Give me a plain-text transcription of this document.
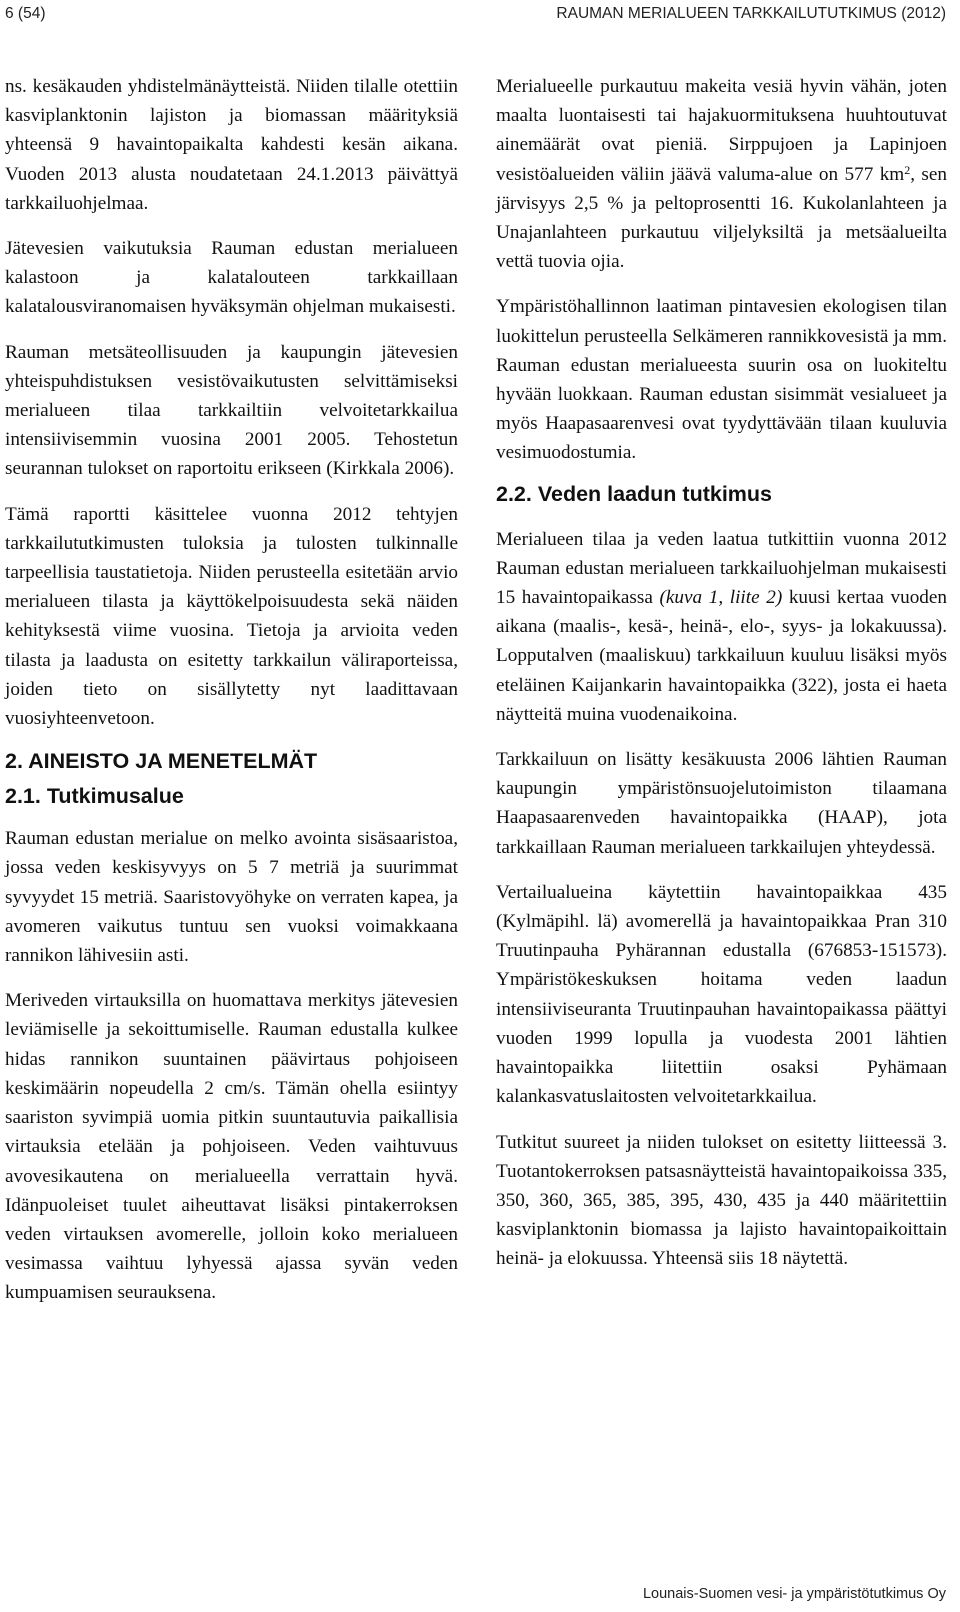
6 (54)	RAUMAN MERIALUEEN TARKKAILUTUTKIMUS (2012)

ns. kesäkauden yhdistelmänäytteistä. Niiden tilalle otettiin kasviplanktonin lajiston ja biomassan määrityksiä yhteensä 9 havaintopaikalta kahdesti kesän aikana. Vuoden 2013 alusta noudatetaan 24.1.2013 päivättyä tarkkailuohjelmaa.

Jätevesien vaikutuksia Rauman edustan merialueen kalastoon ja kalatalouteen tarkkaillaan kalatalousviranomaisen hyväksymän ohjelman mukaisesti.

Rauman metsäteollisuuden ja kaupungin jätevesien yhteispuhdistuksen vesistövaikutusten selvittämiseksi merialueen tilaa tarkkailtiin velvoitetarkkailua intensiivisemmin vuosina 2001 2005. Tehostetun seurannan tulokset on raportoitu erikseen (Kirkkala 2006).

Tämä raportti käsittelee vuonna 2012 tehtyjen tarkkailututkimusten tuloksia ja tulosten tulkinnalle tarpeellisia taustatietoja. Niiden perusteella esitetään arvio merialueen tilasta ja käyttökelpoisuudesta sekä näiden kehityksestä viime vuosina. Tietoja ja arvioita veden tilasta ja laadusta on esitetty tarkkailun väliraporteissa, joiden tieto on sisällytetty nyt laadittavaan vuosiyhteenvetoon.

2. AINEISTO JA MENETELMÄT
2.1. Tutkimusalue

Rauman edustan merialue on melko avointa sisäsaaristoa, jossa veden keskisyvyys on 5 7 metriä ja suurimmat syvyydet 15 metriä. Saaristovyöhyke on verraten kapea, ja avomeren vaikutus tuntuu sen vuoksi voimakkaana rannikon lähivesiin asti.

Meriveden virtauksilla on huomattava merkitys jätevesien leviämiselle ja sekoittumiselle. Rauman edustalla kulkee hidas rannikon suuntainen päävirtaus pohjoiseen keskimäärin nopeudella 2 cm/s. Tämän ohella esiintyy saariston syvimpiä uomia pitkin suuntautuvia paikallisia virtauksia etelään ja pohjoiseen. Veden vaihtuvuus avovesikautena on merialueella verrattain hyvä. Idänpuoleiset tuulet aiheuttavat lisäksi pintakerroksen veden virtauksen avomerelle, jolloin koko merialueen vesimassa vaihtuu lyhyessä ajassa syvän veden kumpuamisen seurauksena.

Merialueelle purkautuu makeita vesiä hyvin vähän, joten maalta luontaisesti tai hajakuormituksena huuhtoutuvat ainemäärät ovat pieniä. Sirppujoen ja Lapinjoen vesistöalueiden väliin jäävä valuma-alue on 577 $km^2$, sen järvisyys 2,5 % ja peltoprosentti 16. Kukolanlahteen ja Unajanlahteen purkautuu viljelyksiltä ja metsäalueilta vettä tuovia ojia.

Ympäristöhallinnon laatiman pintavesien ekologisen tilan luokittelun perusteella Selkämeren rannikkovesistä ja mm. Rauman edustan merialueesta suurin osa on luokiteltu hyvään luokkaan. Rauman edustan sisimmät vesialueet ja myös Haapasaarenvesi ovat tyydyttävään tilaan kuuluvia vesimuodostumia.

2.2. Veden laadun tutkimus

Merialueen tilaa ja veden laatua tutkittiin vuonna 2012 Rauman edustan merialueen tarkkailuohjelman mukaisesti 15 havaintopaikassa (kuva 1, liite 2) kuusi kertaa vuoden aikana (maalis-, kesä-, heinä-, elo-, syys- ja lokakuussa). Lopputalven (maaliskuu) tarkkailuun kuuluu lisäksi myös eteläinen Kaijankarin havaintopaikka (322), josta ei haeta näytteitä muina vuodenaikoina.

Tarkkailuun on lisätty kesäkuusta 2006 lähtien Rauman kaupungin ympäristönsuojelutoimiston tilaamana Haapasaarenveden havaintopaikka (HAAP), jota tarkkaillaan Rauman merialueen tarkkailujen yhteydessä.

Vertailualueina käytettiin havaintopaikkaa 435 (Kylmäpihl. lä) avomerellä ja havaintopaikkaa Pran 310 Truutinpauha Pyhärannan edustalla (676853-151573). Ympäristökeskuksen hoitama veden laadun intensiiviseuranta Truutinpauhan havaintopaikassa päättyi vuoden 1999 lopulla ja vuodesta 2001 lähtien havaintopaikka liitettiin osaksi Pyhämaan kalankasvatuslaitosten velvoitetarkkailua.

Tutkitut suureet ja niiden tulokset on esitetty liitteessä 3. Tuotantokerroksen patsasnäytteistä havaintopaikoissa 335, 350, 360, 365, 385, 395, 430, 435 ja 440 määritettiin kasviplanktonin biomassa ja lajisto havaintopaikoittain heinä- ja elokuussa. Yhteensä siis 18 näytettä.

Lounais-Suomen vesi- ja ympäristötutkimus Oy
